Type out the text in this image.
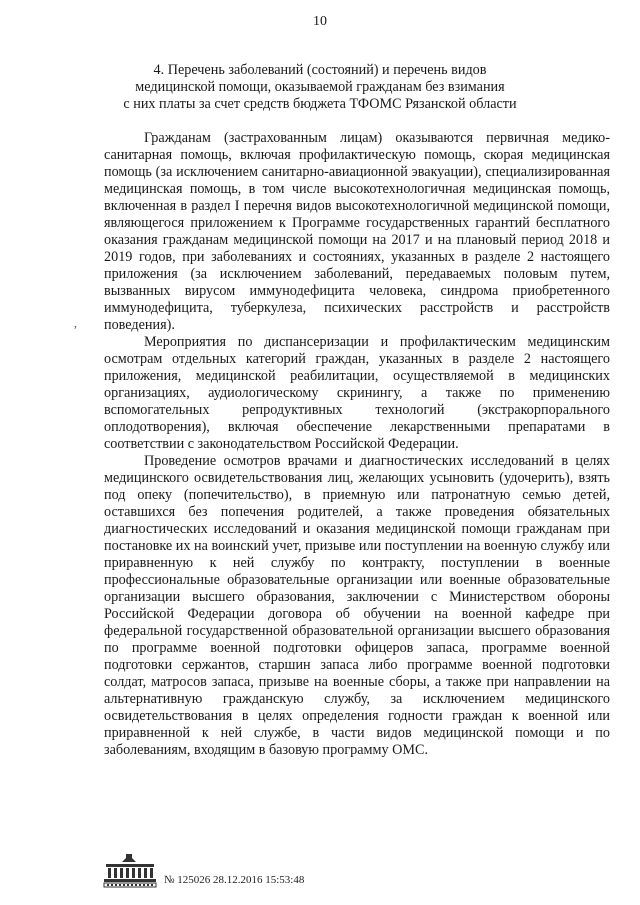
10
4. Перечень заболеваний (состояний) и перечень видов
медицинской помощи, оказываемой гражданам без взимания
с них платы за счет средств бюджета ТФОМС Рязанской области
,

Гражданам (застрахованным лицам) оказываются первичная медико-санитарная помощь, включая профилактическую помощь, скорая медицинская помощь (за исключением санитарно-авиационной эвакуации), специализированная медицинская помощь, в том числе высокотехнологичная медицинская помощь, включенная в раздел I перечня видов высокотехнологичной медицинской помощи, являющегося приложением к Программе государственных гарантий бесплатного оказания гражданам медицинской помощи на 2017 и на плановый период 2018 и 2019 годов, при заболеваниях и состояниях, указанных в разделе 2 настоящего приложения (за исключением заболеваний, передаваемых половым путем, вызванных вирусом иммунодефицита человека, синдрома приобретенного иммунодефицита, туберкулеза, психических расстройств и расстройств поведения).

Мероприятия по диспансеризации и профилактическим медицинским осмотрам отдельных категорий граждан, указанных в разделе 2 настоящего приложения, медицинской реабилитации, осуществляемой в медицинских организациях, аудиологическому скринингу, а также по применению вспомогательных репродуктивных технологий (экстракорпорального оплодотворения), включая обеспечение лекарственными препаратами в соответствии с законодательством Российской Федерации.

Проведение осмотров врачами и диагностических исследований в целях медицинского освидетельствования лиц, желающих усыновить (удочерить), взять под опеку (попечительство), в приемную или патронатную семью детей, оставшихся без попечения родителей, а также проведения обязательных диагностических исследований и оказания медицинской помощи гражданам при постановке их на воинский учет, призыве или поступлении на военную службу или приравненную к ней службу по контракту, поступлении в военные профессиональные образовательные организации или военные образовательные организации высшего образования, заключении с Министерством обороны Российской Федерации договора об обучении на военной кафедре при федеральной государственной образовательной организации высшего образования по программе военной подготовки офицеров запаса, программе военной подготовки сержантов, старшин запаса либо программе военной подготовки солдат, матросов запаса, призыве на военные сборы, а также при направлении на альтернативную гражданскую службу, за исключением медицинского освидетельствования в целях определения годности граждан к военной или приравненной к ней службе, в части видов медицинской помощи и по заболеваниям, входящим в базовую программу ОМС.

№ 125026 28.12.2016 15:53:48
